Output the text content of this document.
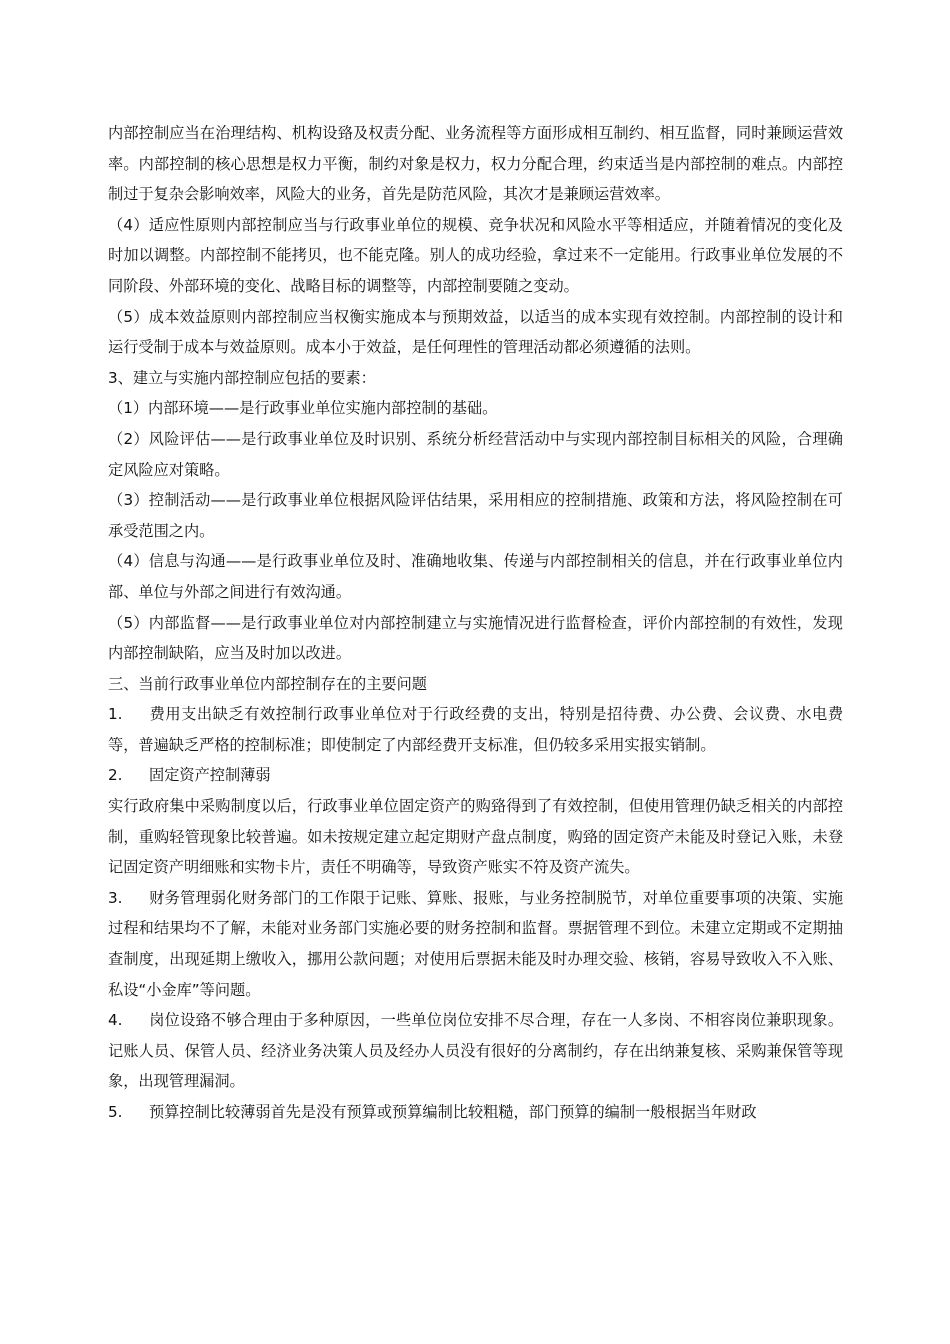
内部控制应当在治理结构、机构设臵及权责分配、业务流程等方面形成相互制约、相互监督，同时兼顾运营效率。内部控制的核心思想是权力平衡，制约对象是权力，权力分配合理，约束适当是内部控制的难点。内部控制过于复杂会影响效率，风险大的业务，首先是防范风险，其次才是兼顾运营效率。

（4）适应性原则内部控制应当与行政事业单位的规模、竞争状况和风险水平等相适应，并随着情况的变化及时加以调整。内部控制不能拷贝，也不能克隆。别人的成功经验，拿过来不一定能用。行政事业单位发展的不同阶段、外部环境的变化、战略目标的调整等，内部控制要随之变动。

（5）成本效益原则内部控制应当权衡实施成本与预期效益，以适当的成本实现有效控制。内部控制的设计和运行受制于成本与效益原则。成本小于效益，是任何理性的管理活动都必须遵循的法则。

3、建立与实施内部控制应包括的要素：

（1）内部环境——是行政事业单位实施内部控制的基础。

（2）风险评估——是行政事业单位及时识别、系统分析经营活动中与实现内部控制目标相关的风险，合理确定风险应对策略。

（3）控制活动——是行政事业单位根据风险评估结果，采用相应的控制措施、政策和方法，将风险控制在可承受范围之内。

（4）信息与沟通——是行政事业单位及时、准确地收集、传递与内部控制相关的信息，并在行政事业单位内部、单位与外部之间进行有效沟通。

（5）内部监督——是行政事业单位对内部控制建立与实施情况进行监督检查，评价内部控制的有效性，发现内部控制缺陷，应当及时加以改进。

三、当前行政事业单位内部控制存在的主要问题

1. 费用支出缺乏有效控制行政事业单位对于行政经费的支出，特别是招待费、办公费、会议费、水电费等，普遍缺乏严格的控制标准；即使制定了内部经费开支标准，但仍较多采用实报实销制。

2. 固定资产控制薄弱

实行政府集中采购制度以后，行政事业单位固定资产的购臵得到了有效控制，但使用管理仍缺乏相关的内部控制，重购轻管现象比较普遍。如未按规定建立起定期财产盘点制度，购臵的固定资产未能及时登记入账，未登记固定资产明细账和实物卡片，责任不明确等，导致资产账实不符及资产流失。

3. 财务管理弱化财务部门的工作限于记账、算账、报账，与业务控制脱节，对单位重要事项的决策、实施过程和结果均不了解，未能对业务部门实施必要的财务控制和监督。票据管理不到位。未建立定期或不定期抽查制度，出现延期上缴收入，挪用公款问题；对使用后票据未能及时办理交验、核销，容易导致收入不入账、私设“小金库”等问题。

4. 岗位设臵不够合理由于多种原因，一些单位岗位安排不尽合理，存在一人多岗、不相容岗位兼职现象。记账人员、保管人员、经济业务决策人员及经办人员没有很好的分离制约，存在出纳兼复核、采购兼保管等现象，出现管理漏洞。

5. 预算控制比较薄弱首先是没有预算或预算编制比较粗糙，部门预算的编制一般根据当年财政
